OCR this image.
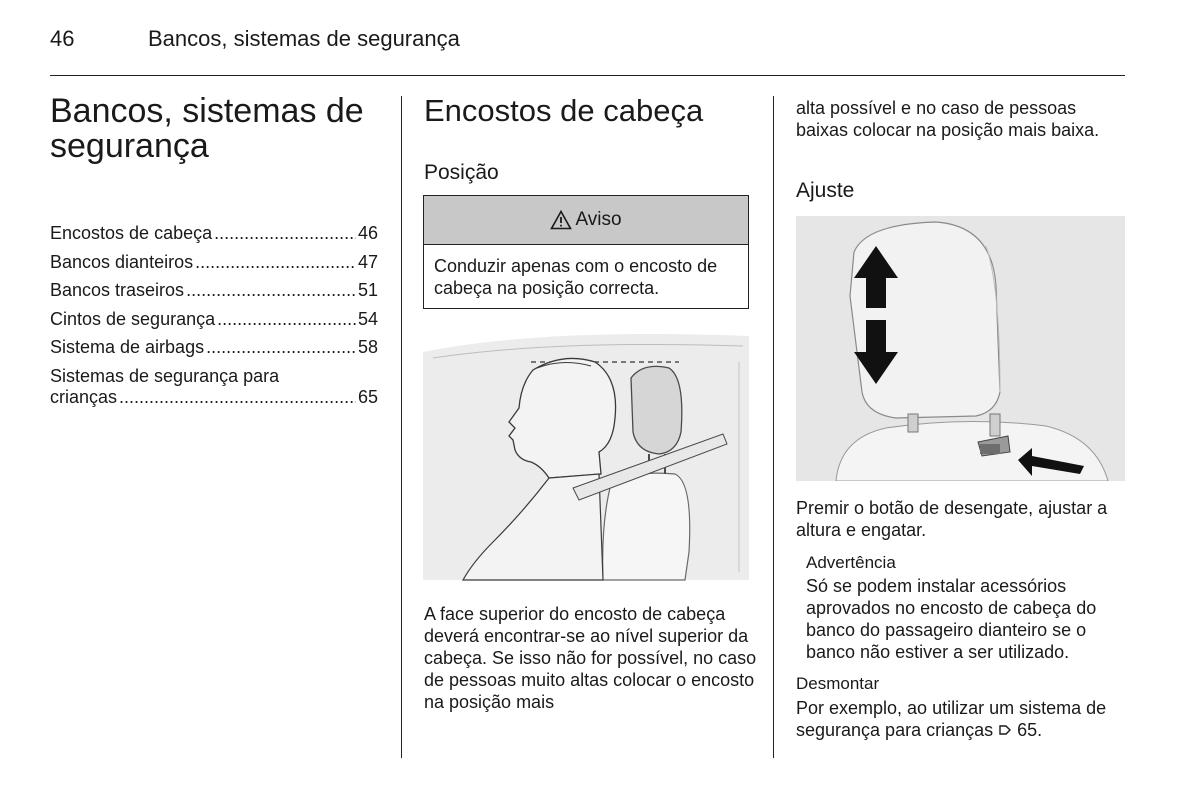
46	Bancos, sistemas de segurança
Bancos, sistemas de segurança
Encostos de cabeça .....	46
Bancos dianteiros .....	47
Bancos traseiros .....	51
Cintos de segurança .....	54
Sistema de airbags .....	58
Sistemas de segurança para
crianças .....	65
Encostos de cabeça
Posição
Aviso
Conduzir apenas com o encosto de cabeça na posição correcta.
A face superior do encosto de cabeça deverá encontrar-se ao nível superior da cabeça. Se isso não for possível, no caso de pessoas muito altas colocar o encosto na posição mais
alta possível e no caso de pessoas baixas colocar na posição mais baixa.
Ajuste
Premir o botão de desengate, ajustar a altura e engatar.
Advertência
Só se podem instalar acessórios aprovados no encosto de cabeça do banco do passageiro dianteiro se o banco não estiver a ser utilizado.
Desmontar
Por exemplo, ao utilizar um sistema de segurança para crianças 65.
